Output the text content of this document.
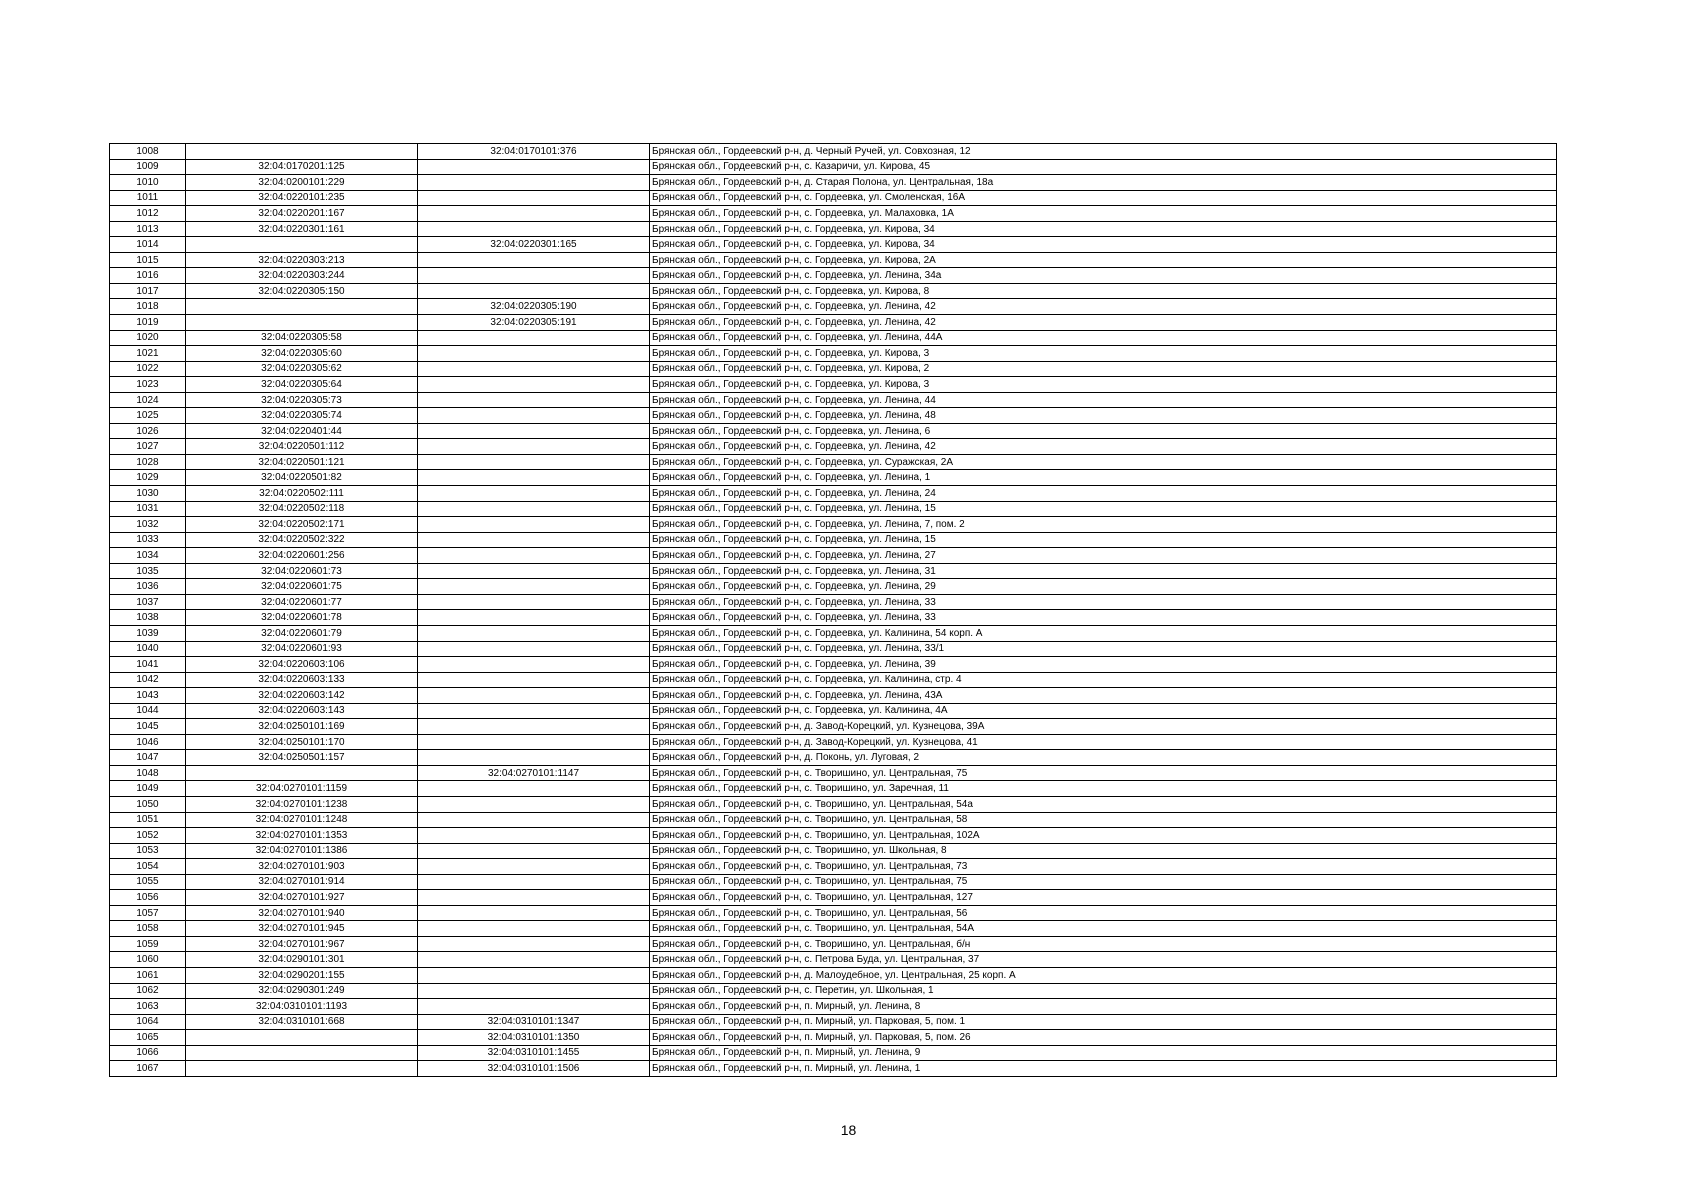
1008		32:04:0170101:376	Брянская обл., Гордеевский р-н, д. Черный Ручей, ул. Совхозная, 12
1009	32:04:0170201:125		Брянская обл., Гордеевский р-н, с. Казаричи, ул. Кирова, 45
1010	32:04:0200101:229		Брянская обл., Гордеевский р-н, д. Старая Полона, ул. Центральная, 18а
1011	32:04:0220101:235		Брянская обл., Гордеевский р-н, с. Гордеевка, ул. Смоленская, 16А
1012	32:04:0220201:167		Брянская обл., Гордеевский р-н, с. Гордеевка, ул. Малаховка, 1А
1013	32:04:0220301:161		Брянская обл., Гордеевский р-н, с. Гордеевка, ул. Кирова, 34
1014		32:04:0220301:165	Брянская обл., Гордеевский р-н, с. Гордеевка, ул. Кирова, 34
1015	32:04:0220303:213		Брянская обл., Гордеевский р-н, с. Гордеевка, ул. Кирова, 2А
1016	32:04:0220303:244		Брянская обл., Гордеевский р-н, с. Гордеевка, ул. Ленина, 34а
1017	32:04:0220305:150		Брянская обл., Гордеевский р-н, с. Гордеевка, ул. Кирова, 8
1018		32:04:0220305:190	Брянская обл., Гордеевский р-н, с. Гордеевка, ул. Ленина, 42
1019		32:04:0220305:191	Брянская обл., Гордеевский р-н, с. Гордеевка, ул. Ленина, 42
1020	32:04:0220305:58		Брянская обл., Гордеевский р-н, с. Гордеевка, ул. Ленина, 44А
1021	32:04:0220305:60		Брянская обл., Гордеевский р-н, с. Гордеевка, ул. Кирова, 3
1022	32:04:0220305:62		Брянская обл., Гордеевский р-н, с. Гордеевка, ул. Кирова, 2
1023	32:04:0220305:64		Брянская обл., Гордеевский р-н, с. Гордеевка, ул. Кирова, 3
1024	32:04:0220305:73		Брянская обл., Гордеевский р-н, с. Гордеевка, ул. Ленина, 44
1025	32:04:0220305:74		Брянская обл., Гордеевский р-н, с. Гордеевка, ул. Ленина, 48
1026	32:04:0220401:44		Брянская обл., Гордеевский р-н, с. Гордеевка, ул. Ленина, 6
1027	32:04:0220501:112		Брянская обл., Гордеевский р-н, с. Гордеевка, ул. Ленина, 42
1028	32:04:0220501:121		Брянская обл., Гордеевский р-н, с. Гордеевка, ул. Суражская, 2А
1029	32:04:0220501:82		Брянская обл., Гордеевский р-н, с. Гордеевка, ул. Ленина, 1
1030	32:04:0220502:111		Брянская обл., Гордеевский р-н, с. Гордеевка, ул. Ленина, 24
1031	32:04:0220502:118		Брянская обл., Гордеевский р-н, с. Гордеевка, ул. Ленина, 15
1032	32:04:0220502:171		Брянская обл., Гордеевский р-н, с. Гордеевка, ул. Ленина, 7, пом. 2
1033	32:04:0220502:322		Брянская обл., Гордеевский р-н, с. Гордеевка, ул. Ленина, 15
1034	32:04:0220601:256		Брянская обл., Гордеевский р-н, с. Гордеевка, ул. Ленина, 27
1035	32:04:0220601:73		Брянская обл., Гордеевский р-н, с. Гордеевка, ул. Ленина, 31
1036	32:04:0220601:75		Брянская обл., Гордеевский р-н, с. Гордеевка, ул. Ленина, 29
1037	32:04:0220601:77		Брянская обл., Гордеевский р-н, с. Гордеевка, ул. Ленина, 33
1038	32:04:0220601:78		Брянская обл., Гордеевский р-н, с. Гордеевка, ул. Ленина, 33
1039	32:04:0220601:79		Брянская обл., Гордеевский р-н, с. Гордеевка, ул. Калинина, 54 корп. А
1040	32:04:0220601:93		Брянская обл., Гордеевский р-н, с. Гордеевка, ул. Ленина, 33/1
1041	32:04:0220603:106		Брянская обл., Гордеевский р-н, с. Гордеевка, ул. Ленина, 39
1042	32:04:0220603:133		Брянская обл., Гордеевский р-н, с. Гордеевка, ул. Калинина, стр. 4
1043	32:04:0220603:142		Брянская обл., Гордеевский р-н, с. Гордеевка, ул. Ленина, 43А
1044	32:04:0220603:143		Брянская обл., Гордеевский р-н, с. Гордеевка, ул. Калинина, 4А
1045	32:04:0250101:169		Брянская обл., Гордеевский р-н, д. Завод-Корецкий, ул. Кузнецова, 39А
1046	32:04:0250101:170		Брянская обл., Гордеевский р-н, д. Завод-Корецкий, ул. Кузнецова, 41
1047	32:04:0250501:157		Брянская обл., Гордеевский р-н, д. Поконь, ул. Луговая, 2
1048		32:04:0270101:1147	Брянская обл., Гордеевский р-н, с. Творишино, ул. Центральная, 75
1049	32:04:0270101:1159		Брянская обл., Гордеевский р-н, с. Творишино, ул. Заречная, 11
1050	32:04:0270101:1238		Брянская обл., Гордеевский р-н, с. Творишино, ул. Центральная, 54а
1051	32:04:0270101:1248		Брянская обл., Гордеевский р-н, с. Творишино, ул. Центральная, 58
1052	32:04:0270101:1353		Брянская обл., Гордеевский р-н, с. Творишино, ул. Центральная, 102А
1053	32:04:0270101:1386		Брянская обл., Гордеевский р-н, с. Творишино, ул. Школьная, 8
1054	32:04:0270101:903		Брянская обл., Гордеевский р-н, с. Творишино, ул. Центральная, 73
1055	32:04:0270101:914		Брянская обл., Гордеевский р-н, с. Творишино, ул. Центральная, 75
1056	32:04:0270101:927		Брянская обл., Гордеевский р-н, с. Творишино, ул. Центральная, 127
1057	32:04:0270101:940		Брянская обл., Гордеевский р-н, с. Творишино, ул. Центральная, 56
1058	32:04:0270101:945		Брянская обл., Гордеевский р-н, с. Творишино, ул. Центральная, 54А
1059	32:04:0270101:967		Брянская обл., Гордеевский р-н, с. Творишино, ул. Центральная, б/н
1060	32:04:0290101:301		Брянская обл., Гордеевский р-н, с. Петрова Буда, ул. Центральная, 37
1061	32:04:0290201:155		Брянская обл., Гордеевский р-н, д. Малоудебное, ул. Центральная, 25 корп. А
1062	32:04:0290301:249		Брянская обл., Гордеевский р-н, с. Перетин, ул. Школьная, 1
1063	32:04:0310101:1193		Брянская обл., Гордеевский р-н, п. Мирный, ул. Ленина, 8
1064	32:04:0310101:668	32:04:0310101:1347	Брянская обл., Гордеевский р-н, п. Мирный, ул. Парковая, 5, пом. 1
1065		32:04:0310101:1350	Брянская обл., Гордеевский р-н, п. Мирный, ул. Парковая, 5, пом. 26
1066		32:04:0310101:1455	Брянская обл., Гордеевский р-н, п. Мирный, ул. Ленина, 9
1067		32:04:0310101:1506	Брянская обл., Гордеевский р-н, п. Мирный, ул. Ленина, 1
18
